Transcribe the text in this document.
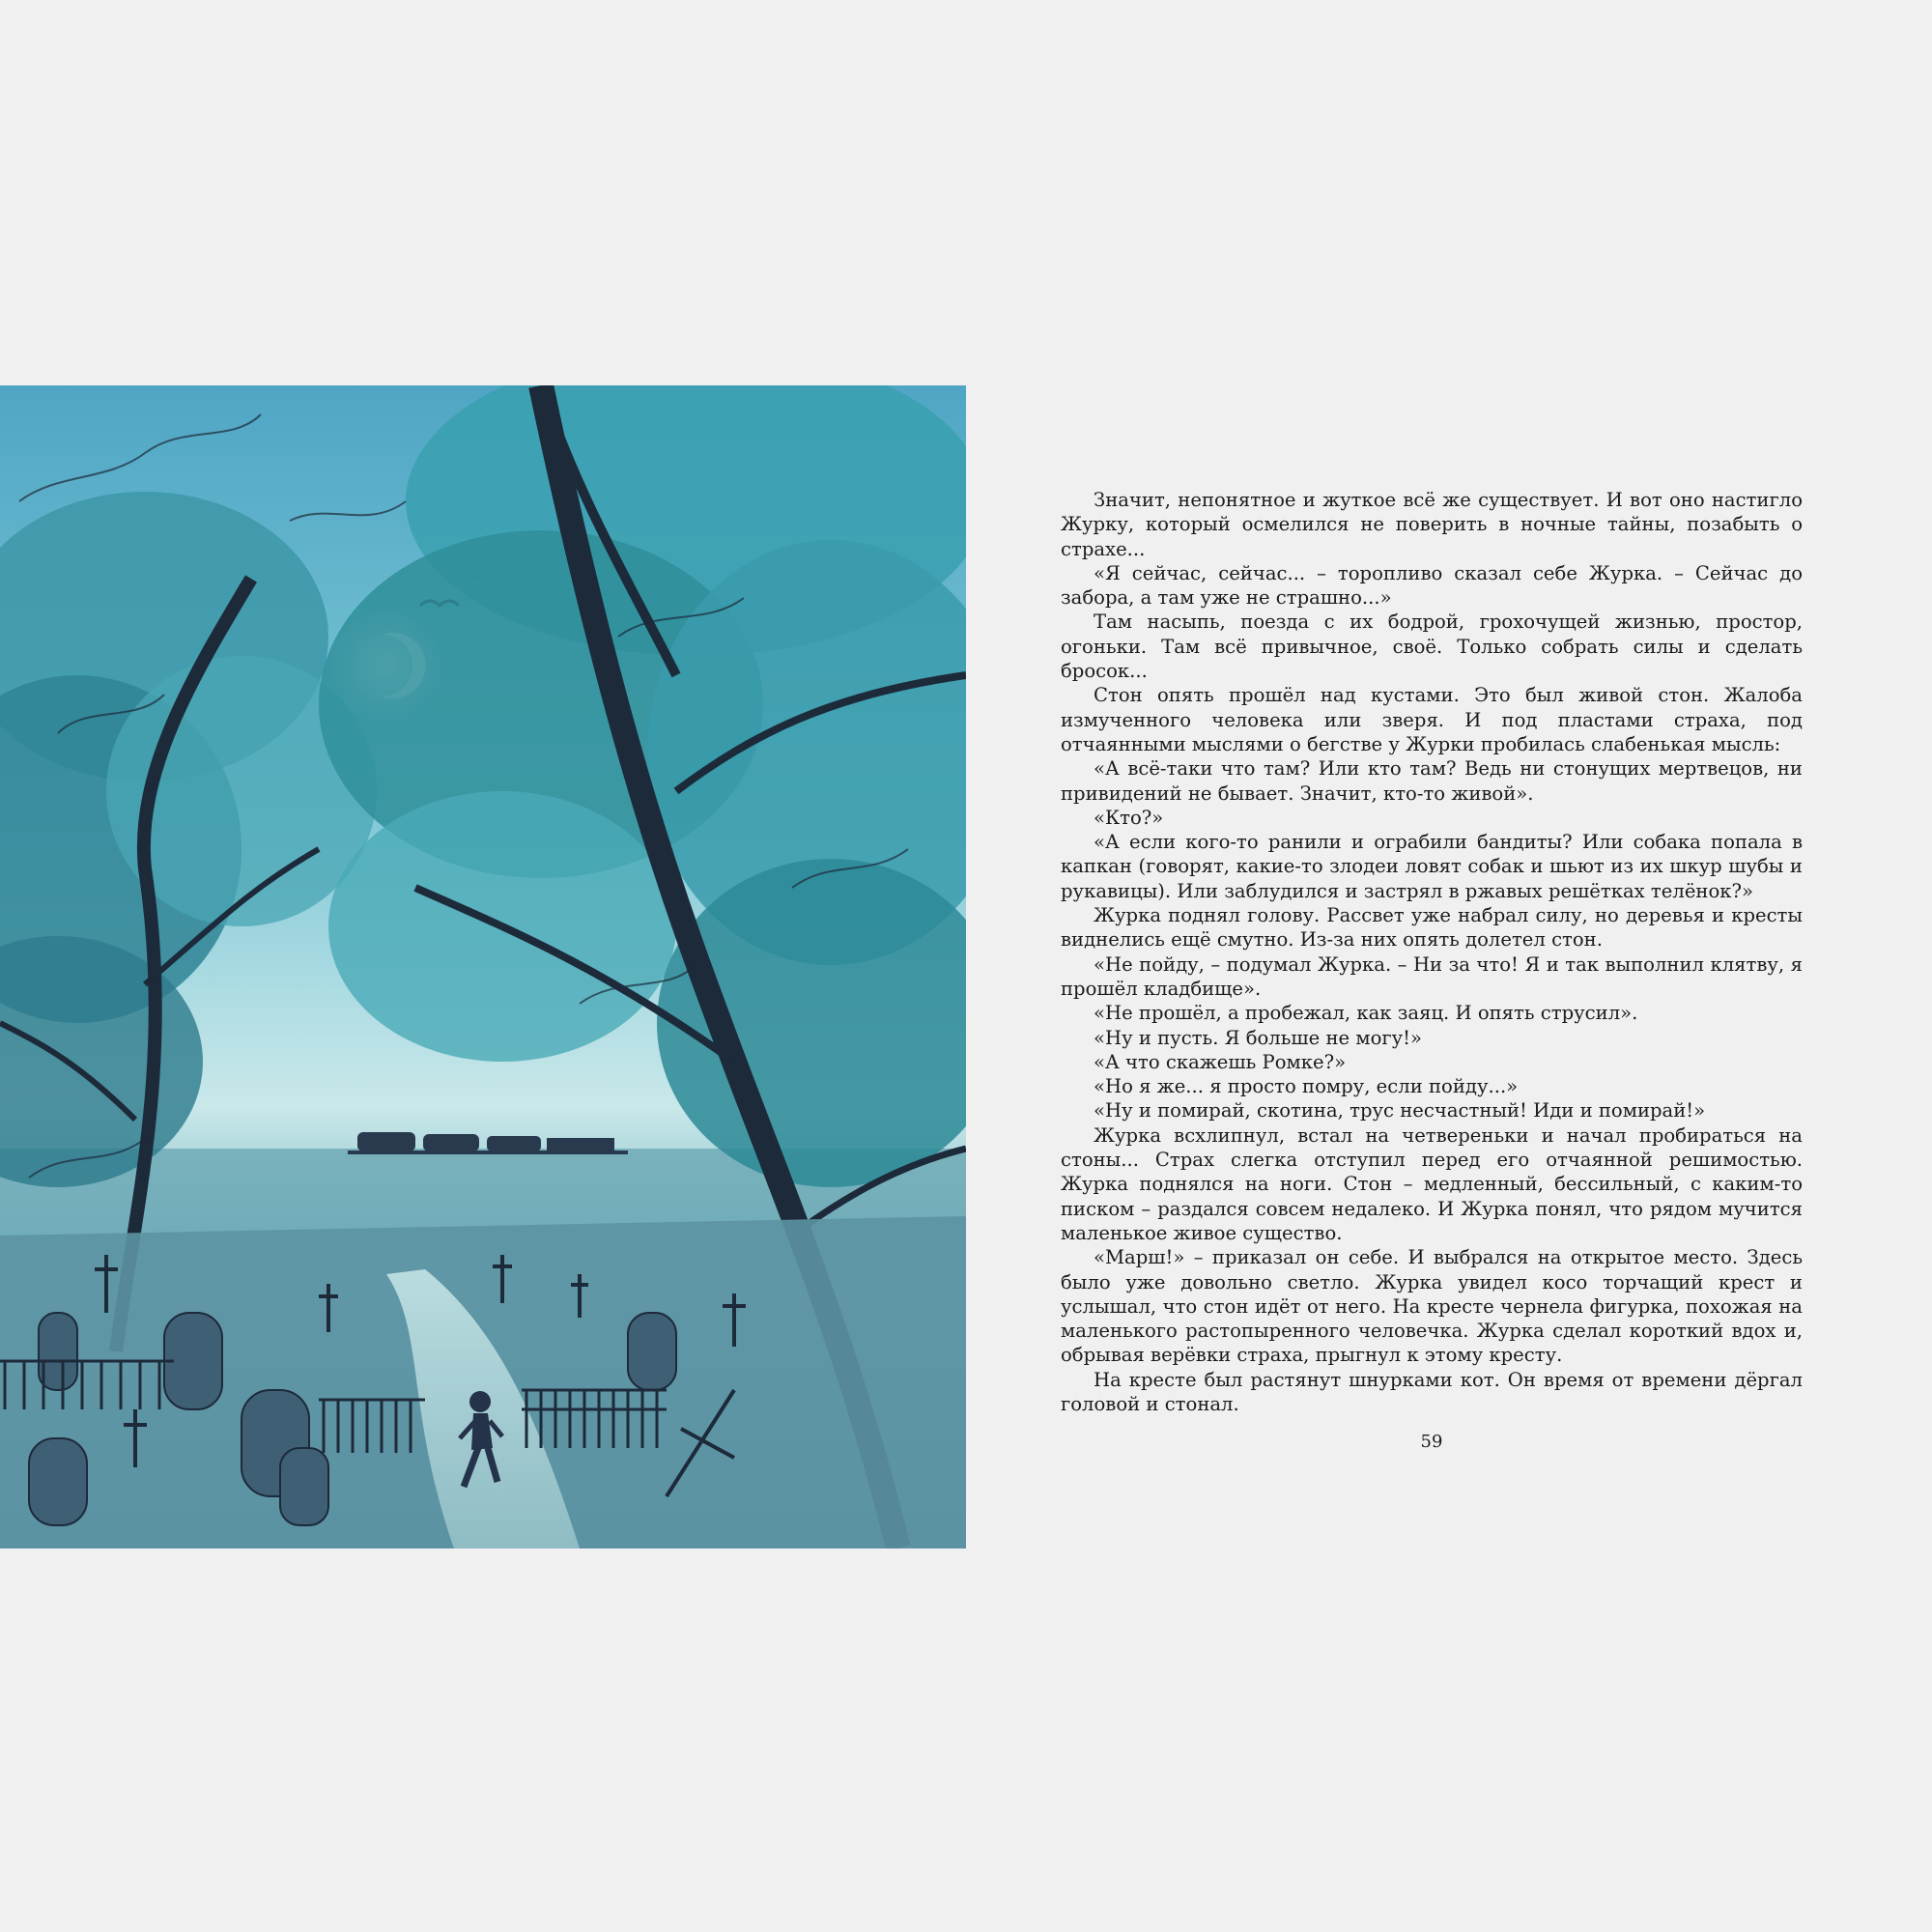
Значит, непонятное и жуткое всё же существует. И вот оно настигло Журку, который осмелился не поверить в ночные тайны, позабыть о страхе...

«Я сейчас, сейчас... – торопливо сказал себе Журка. – Сейчас до забора, а там уже не страшно...»

Там насыпь, поезда с их бодрой, грохочущей жизнью, простор, огоньки. Там всё привычное, своё. Только собрать силы и сделать бросок...

Стон опять прошёл над кустами. Это был живой стон. Жалоба измученного человека или зверя. И под пластами страха, под отчаянными мыслями о бегстве у Журки пробилась слабенькая мысль:

«А всё-таки что там? Или кто там? Ведь ни стонущих мертвецов, ни привидений не бывает. Значит, кто-то живой».

«Кто?»

«А если кого-то ранили и ограбили бандиты? Или собака попала в капкан (говорят, какие-то злодеи ловят собак и шьют из их шкур шубы и рукавицы). Или заблудился и застрял в ржавых решётках телёнок?»

Журка поднял голову. Рассвет уже набрал силу, но деревья и кресты виднелись ещё смутно. Из-за них опять долетел стон.

«Не пойду, – подумал Журка. – Ни за что! Я и так выполнил клятву, я прошёл кладбище».

«Не прошёл, а пробежал, как заяц. И опять струсил».

«Ну и пусть. Я больше не могу!»

«А что скажешь Ромке?»

«Но я же... я просто помру, если пойду...»

«Ну и помирай, скотина, трус несчастный! Иди и помирай!»

Журка всхлипнул, встал на четвереньки и начал пробираться на стоны... Страх слегка отступил перед его отчаянной решимостью. Журка поднялся на ноги. Стон – медленный, бессильный, с каким-то писком – раздался совсем недалеко. И Журка понял, что рядом мучится маленькое живое существо.

«Марш!» – приказал он себе. И выбрался на открытое место. Здесь было уже довольно светло. Журка увидел косо торчащий крест и услышал, что стон идёт от него. На кресте чернела фигурка, похожая на маленького растопыренного человечка. Журка сделал короткий вдох и, обрывая верёвки страха, прыгнул к этому кресту.

На кресте был растянут шнурками кот. Он время от времени дёргал головой и стонал.

59
